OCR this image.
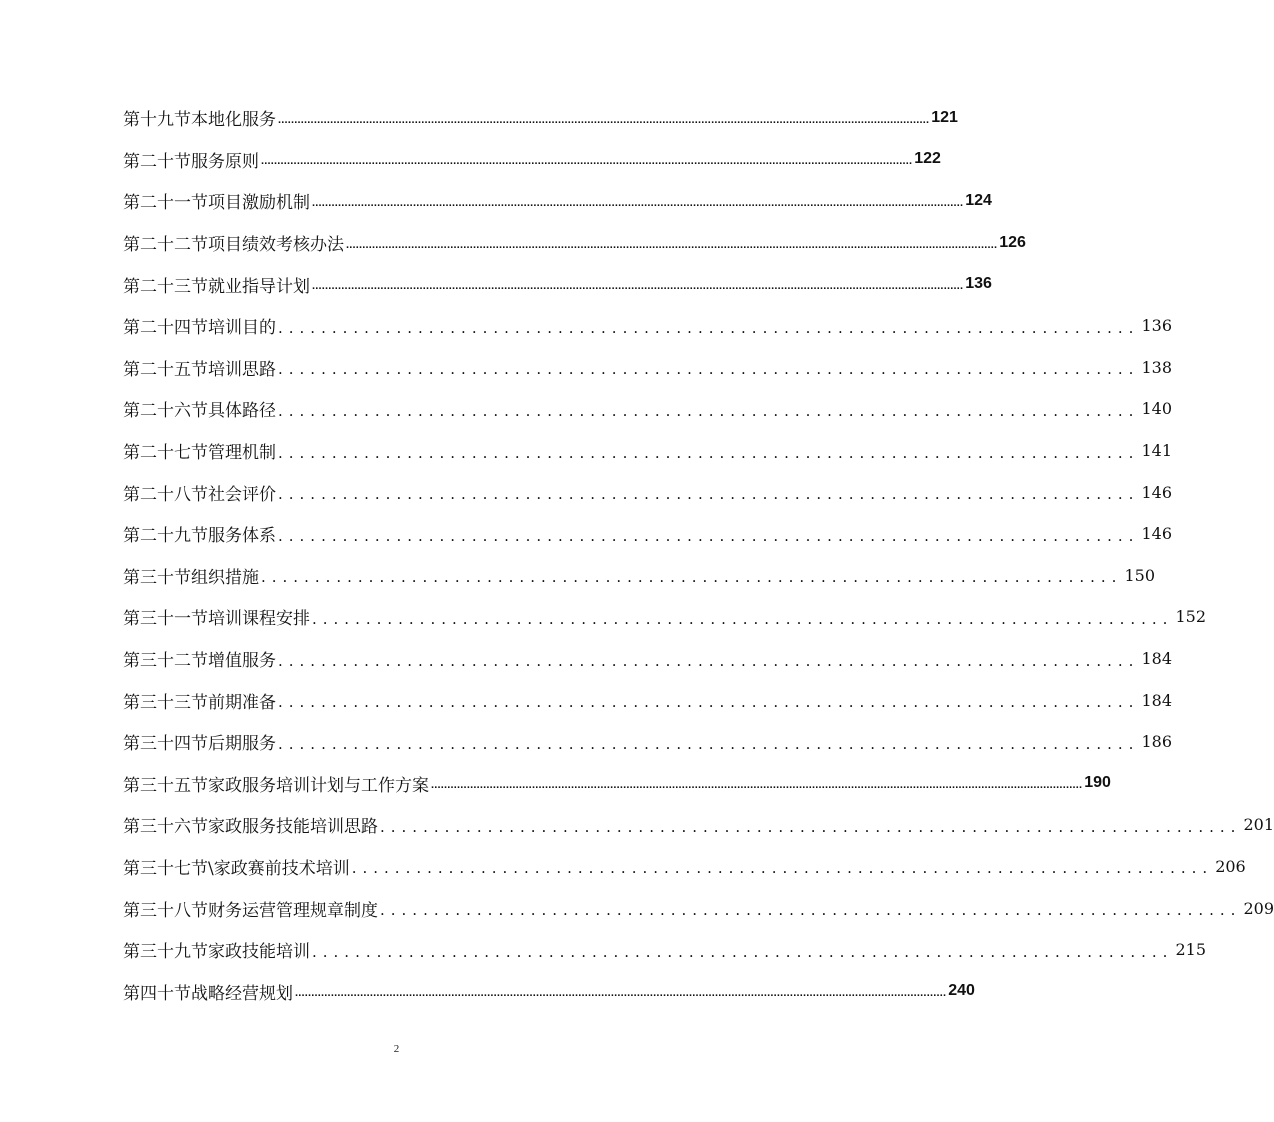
第十九节 本地化服务 ........................................................................................................................................................................................................ 121
第二十节 服务原则 ........................................................................................................................................................................................................ 122
第二十一节 项目激励机制 ........................................................................................................................................................................................................ 124
第二十二节 项目绩效考核办法 ........................................................................................................................................................................................................ 126
第二十三节 就业指导计划 ........................................................................................................................................................................................................ 136
第二十四节 培训目的 ................................................................................ 136
第二十五节 培训思路 ................................................................................ 138
第二十六节 具体路径 ................................................................................ 140
第二十七节 管理机制 ................................................................................ 141
第二十八节 社会评价 ................................................................................ 146
第二十九节 服务体系 ................................................................................ 146
第三十节 组织措施 ................................................................................ 150
第三十一节 培训课程安排 ................................................................................ 152
第三十二节 增值服务 ................................................................................ 184
第三十三节 前期准备 ................................................................................ 184
第三十四节 后期服务 ................................................................................ 186
第三十五节 家政服务培训计划与工作方案 ........................................................................................................................................................................................................ 190
第三十六节 家政服务技能培训思路 ................................................................................ 201
第三十七节 \家政赛前技术培训 ................................................................................ 206
第三十八节 财务运营管理规章制度 ................................................................................ 209
第三十九节 家政技能培训 ................................................................................ 215
第四十节 战略经营规划 ........................................................................................................................................................................................................ 240
2
